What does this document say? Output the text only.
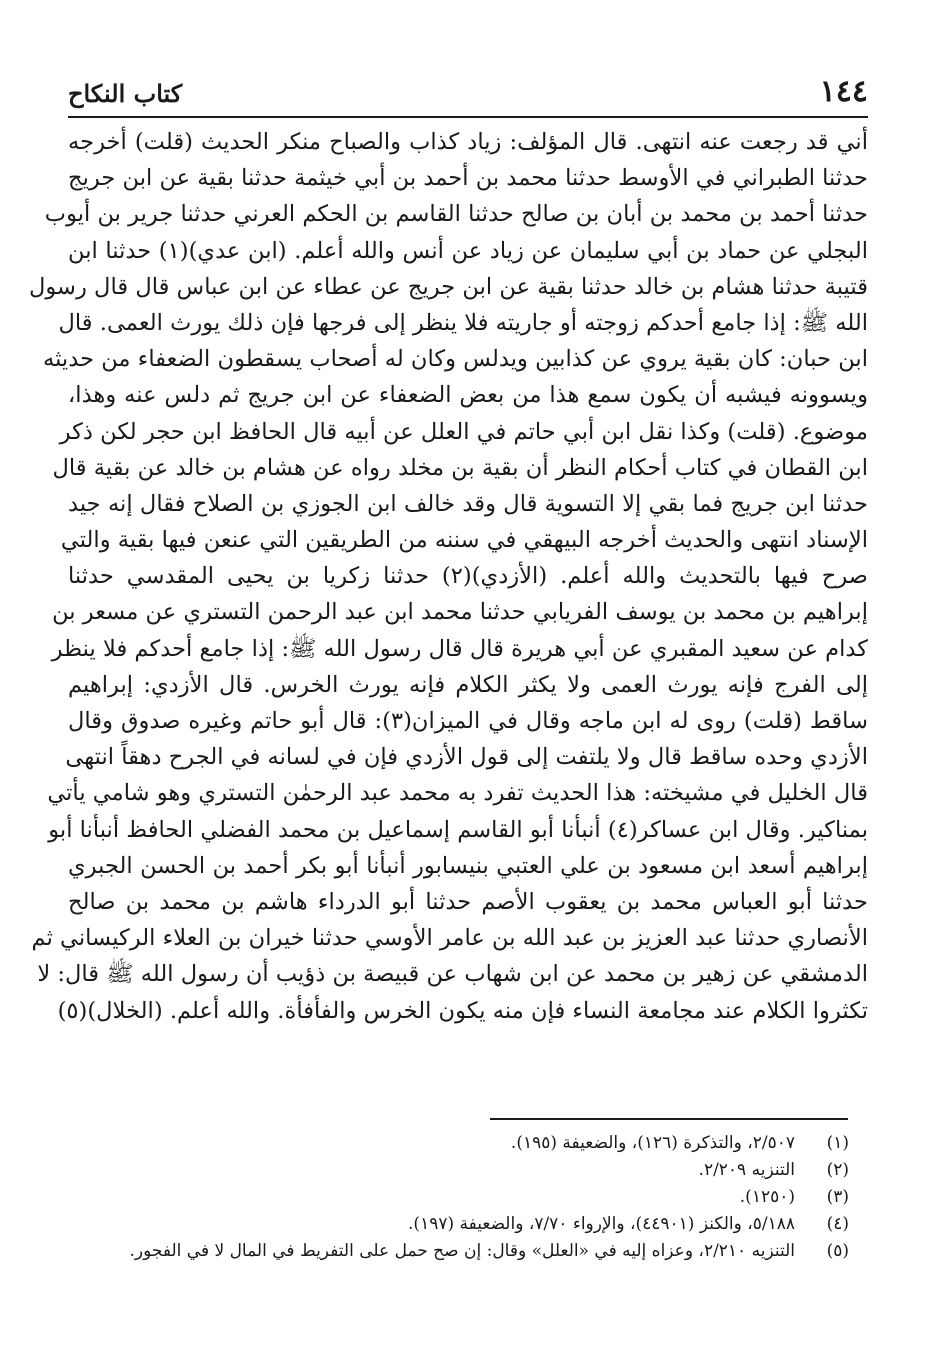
١٤٤
كتاب النكاح
أني قد رجعت عنه انتهى. قال المؤلف: زياد كذاب والصباح منكر الحديث (قلت) أخرجه
حدثنا الطبراني في الأوسط حدثنا محمد بن أحمد بن أبي خيثمة حدثنا بقية عن ابن جريج
حدثنا أحمد بن محمد بن أبان بن صالح حدثنا القاسم بن الحكم العرني حدثنا جرير بن أيوب
البجلي عن حماد بن أبي سليمان عن زياد عن أنس والله أعلم. (ابن عدي)(١) حدثنا ابن
قتيبة حدثنا هشام بن خالد حدثنا بقية عن ابن جريج عن عطاء عن ابن عباس قال قال رسول
الله ﷺ: إذا جامع أحدكم زوجته أو جاريته فلا ينظر إلى فرجها فإن ذلك يورث العمى. قال
ابن حبان: كان بقية يروي عن كذابين ويدلس وكان له أصحاب يسقطون الضعفاء من حديثه
ويسوونه فيشبه أن يكون سمع هذا من بعض الضعفاء عن ابن جريج ثم دلس عنه وهذا،
موضوع. (قلت) وكذا نقل ابن أبي حاتم في العلل عن أبيه قال الحافظ ابن حجر لكن ذكر
ابن القطان في كتاب أحكام النظر أن بقية بن مخلد رواه عن هشام بن خالد عن بقية قال
حدثنا ابن جريج فما بقي إلا التسوية قال وقد خالف ابن الجوزي بن الصلاح فقال إنه جيد
الإسناد انتهى والحديث أخرجه البيهقي في سننه من الطريقين التي عنعن فيها بقية والتي
صرح فيها بالتحديث والله أعلم. (الأزدي)(٢) حدثنا زكريا بن يحيى المقدسي حدثنا
إبراهيم بن محمد بن يوسف الفريابي حدثنا محمد ابن عبد الرحمن التستري عن مسعر بن
كدام عن سعيد المقبري عن أبي هريرة قال قال رسول الله ﷺ: إذا جامع أحدكم فلا ينظر
إلى الفرج فإنه يورث العمى ولا يكثر الكلام فإنه يورث الخرس. قال الأزدي: إبراهيم
ساقط (قلت) روى له ابن ماجه وقال في الميزان(٣): قال أبو حاتم وغيره صدوق وقال
الأزدي وحده ساقط قال ولا يلتفت إلى قول الأزدي فإن في لسانه في الجرح دهقاً انتهى
قال الخليل في مشيخته: هذا الحديث تفرد به محمد عبد الرحمٰن التستري وهو شامي يأتي
بمناكير. وقال ابن عساكر(٤) أنبأنا أبو القاسم إسماعيل بن محمد الفضلي الحافظ أنبأنا أبو
إبراهيم أسعد ابن مسعود بن علي العتبي بنيسابور أنبأنا أبو بكر أحمد بن الحسن الجبري
حدثنا أبو العباس محمد بن يعقوب الأصم حدثنا أبو الدرداء هاشم بن محمد بن صالح
الأنصاري حدثنا عبد العزيز بن عبد الله بن عامر الأوسي حدثنا خيران بن العلاء الركيساني ثم
الدمشقي عن زهير بن محمد عن ابن شهاب عن قبيصة بن ذؤيب أن رسول الله ﷺ قال: لا
تكثروا الكلام عند مجامعة النساء فإن منه يكون الخرس والفأفأة. والله أعلم. (الخلال)(٥)
(١)٢/٥٠٧، والتذكرة (١٢٦)، والضعيفة (١٩٥).
(٢)التنزيه ٢/٢٠٩.
(٣)(١٢٥٠).
(٤)٥/١٨٨، والكنز (٤٤٩٠١)، والإرواء ٧/٧٠، والضعيفة (١٩٧).
(٥)التنزيه ٢/٢١٠، وعزاه إليه في «العلل» وقال: إن صح حمل على التفريط في المال لا في الفجور.
